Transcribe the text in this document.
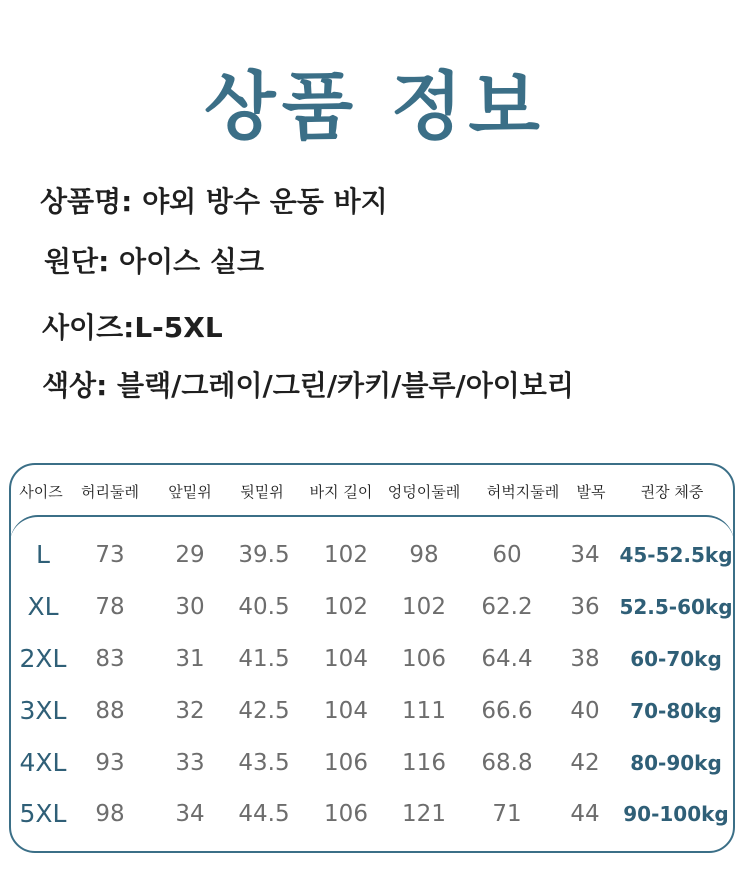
상품 정보
상품명: 야외 방수 운동 바지
원단: 아이스 실크
사이즈:L-5XL
색상: 블랙/그레이/그린/카키/블루/아이보리
사이즈 허리둘레 앞밑위 뒷밑위 바지 길이 엉덩이둘레 허벅지둘레 발목 권장 체중
L 73 29 39.5 102 98 60 34 45-52.5kg
XL 78 30 40.5 102 102 62.2 36 52.5-60kg
2XL 83 31 41.5 104 106 64.4 38 60-70kg
3XL 88 32 42.5 104 111 66.6 40 70-80kg
4XL 93 33 43.5 106 116 68.8 42 80-90kg
5XL 98 34 44.5 106 121 71 44 90-100kg
